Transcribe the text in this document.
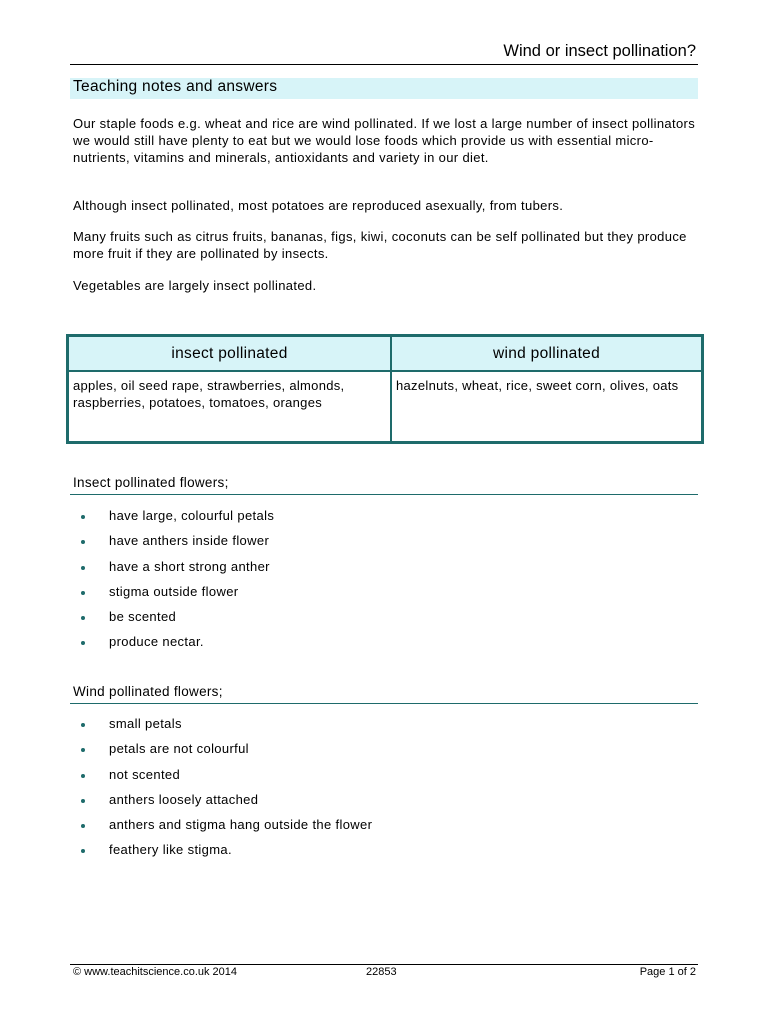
Wind or insect pollination?
Teaching notes and answers

Our staple foods e.g. wheat and rice are wind pollinated. If we lost a large number of insect pollinators we would still have plenty to eat but we would lose foods which provide us with essential micro-nutrients, vitamins and minerals, antioxidants and variety in our diet.

Although insect pollinated, most potatoes are reproduced asexually, from tubers.

Many fruits such as citrus fruits, bananas, figs, kiwi, coconuts can be self pollinated but they produce more fruit if they are pollinated by insects.

Vegetables are largely insect pollinated.

insect pollinated	wind pollinated
apples, oil seed rape, strawberries, almonds, raspberries, potatoes, tomatoes, oranges	hazelnuts, wheat, rice, sweet corn, olives, oats
Insect pollinated flowers;
have large, colourful petals
have anthers inside flower
have a short strong anther
stigma outside flower
be scented
produce nectar.
Wind pollinated flowers;
small petals
petals are not colourful
not scented
anthers loosely attached
anthers and stigma hang outside the flower
feathery like stigma.
© www.teachitscience.co.uk 2014	22853	Page 1 of 2
